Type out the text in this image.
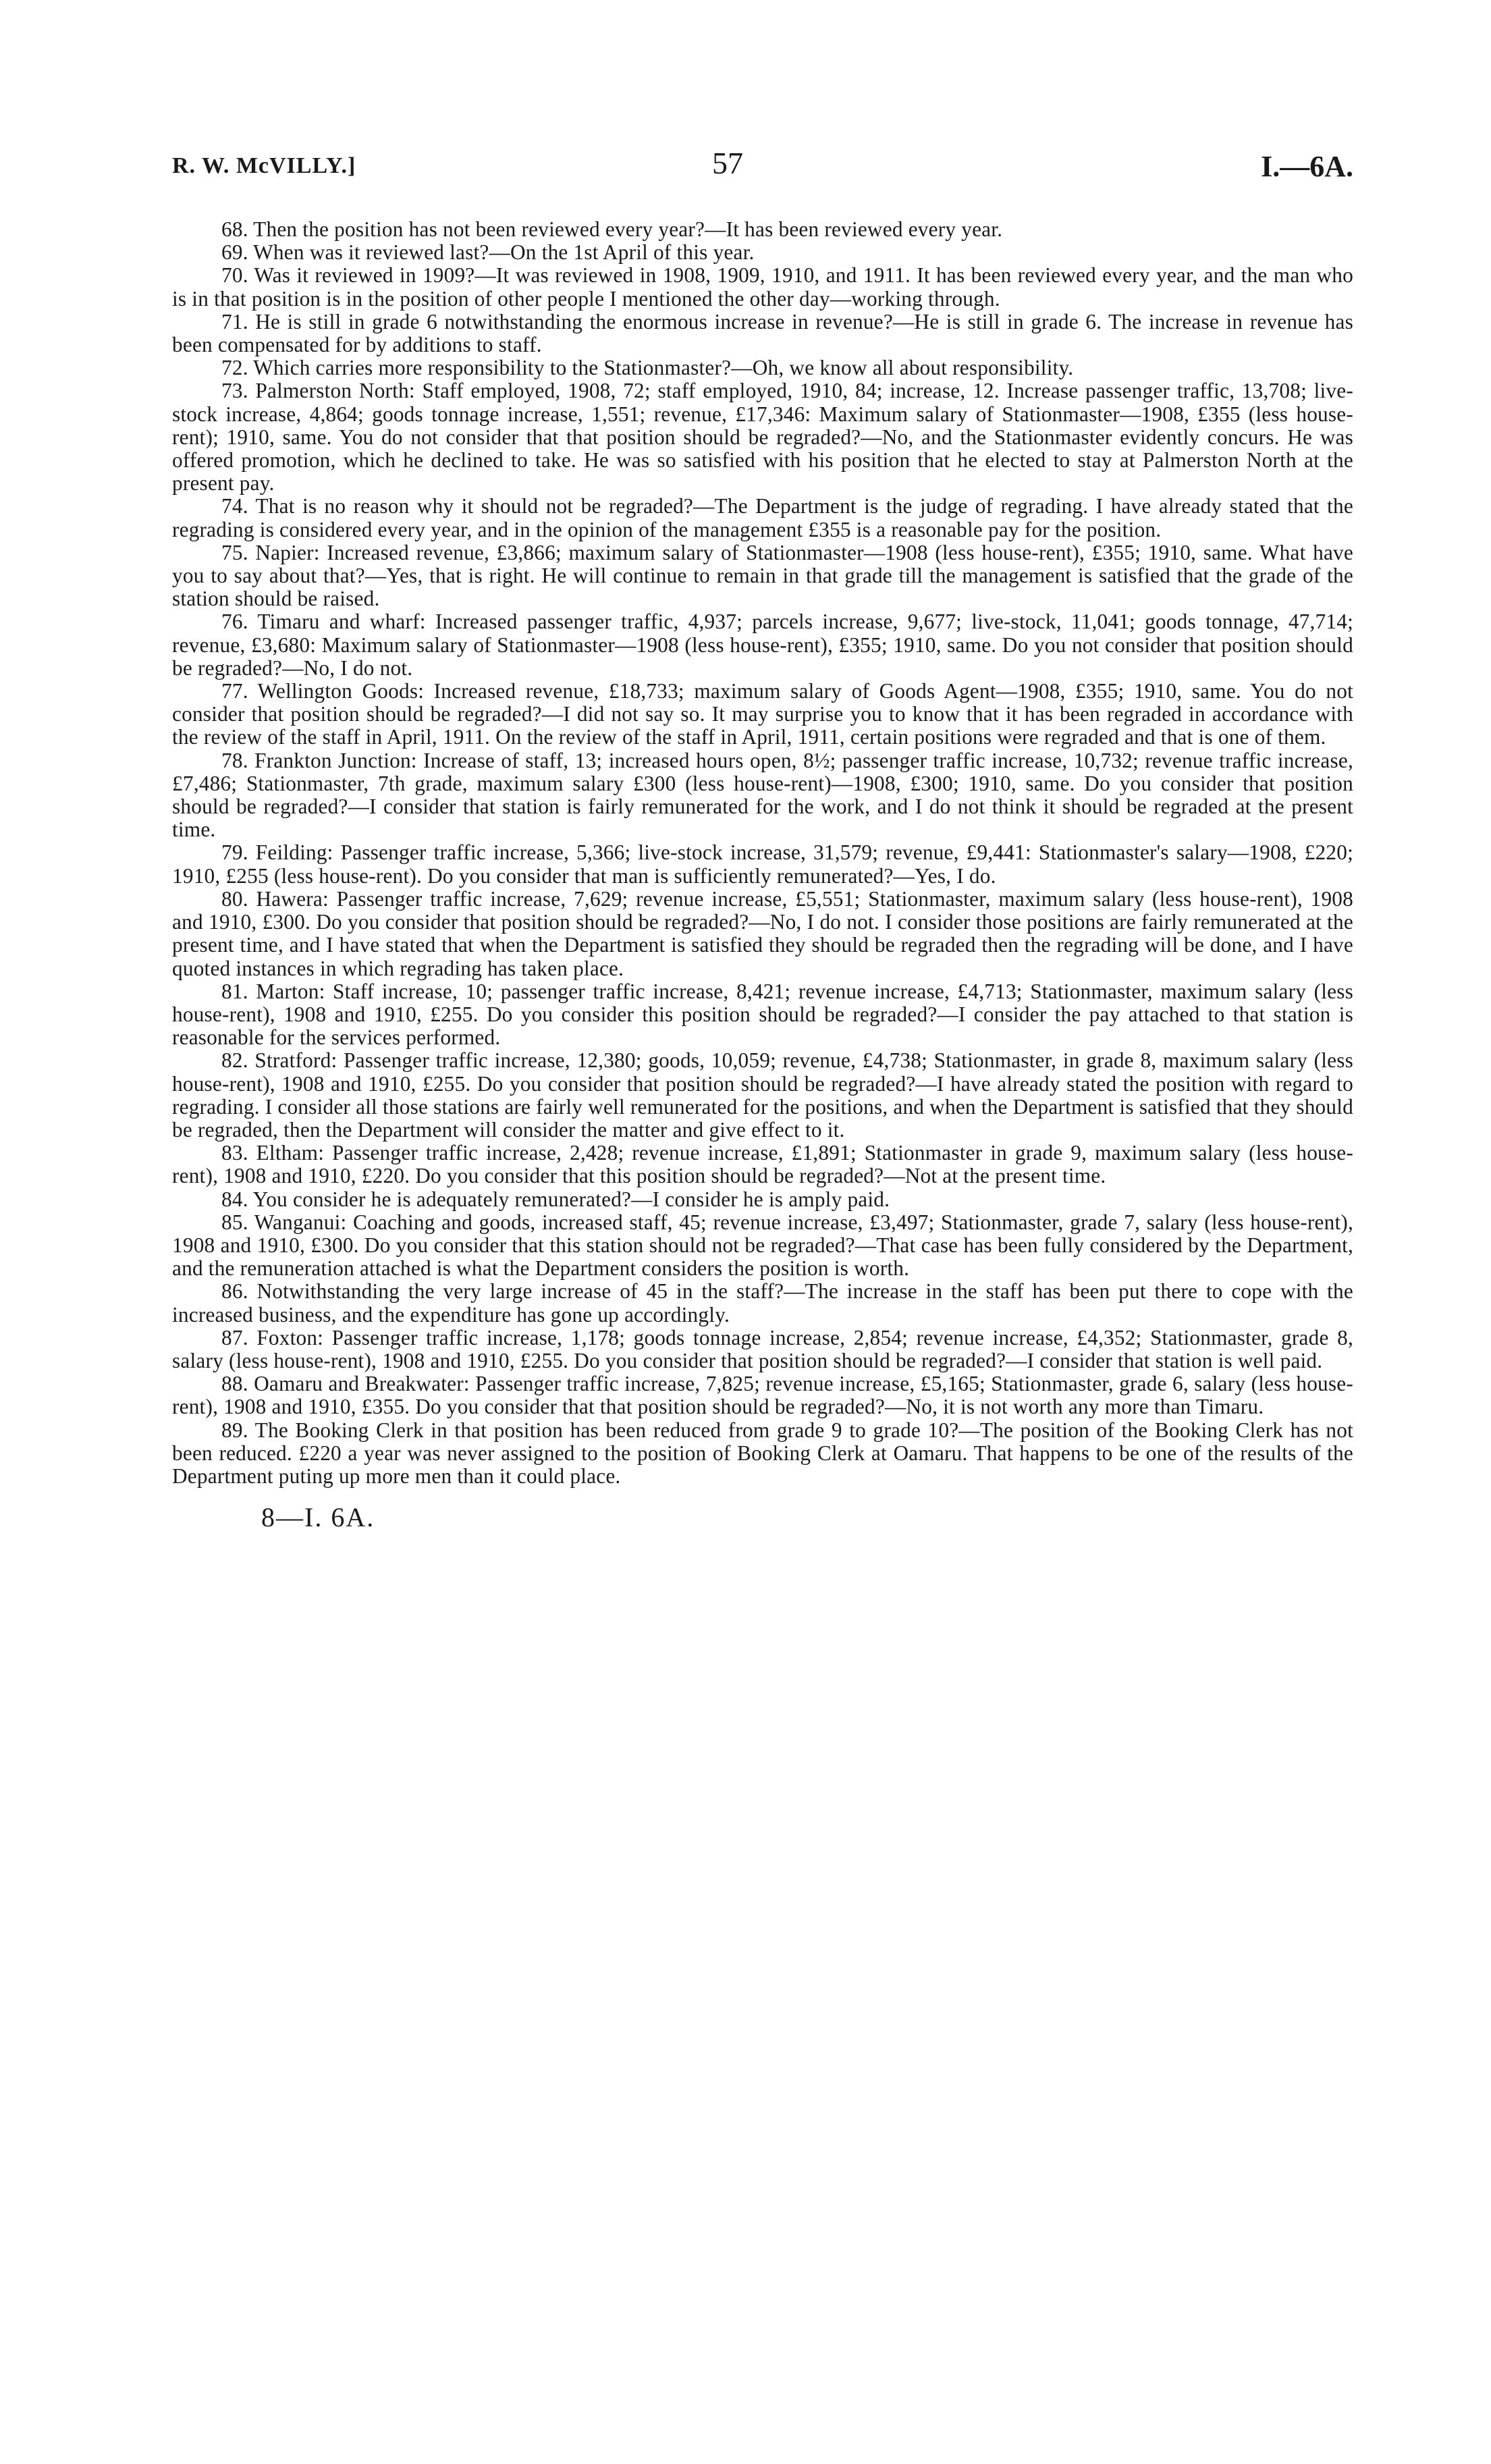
R. W. McVILLY.]	57	I.—6A.

68. Then the position has not been reviewed every year?—It has been reviewed every year.

69. When was it reviewed last?—On the 1st April of this year.

70. Was it reviewed in 1909?—It was reviewed in 1908, 1909, 1910, and 1911. It has been reviewed every year, and the man who is in that position is in the position of other people I mentioned the other day—working through.

71. He is still in grade 6 notwithstanding the enormous increase in revenue?—He is still in grade 6. The increase in revenue has been compensated for by additions to staff.

72. Which carries more responsibility to the Stationmaster?—Oh, we know all about responsibility.

73. Palmerston North: Staff employed, 1908, 72; staff employed, 1910, 84; increase, 12. Increase passenger traffic, 13,708; live-stock increase, 4,864; goods tonnage increase, 1,551; revenue, £17,346: Maximum salary of Stationmaster—1908, £355 (less house-rent); 1910, same. You do not consider that that position should be regraded?—No, and the Stationmaster evidently concurs. He was offered promotion, which he declined to take. He was so satisfied with his position that he elected to stay at Palmerston North at the present pay.

74. That is no reason why it should not be regraded?—The Department is the judge of regrading. I have already stated that the regrading is considered every year, and in the opinion of the management £355 is a reasonable pay for the position.

75. Napier: Increased revenue, £3,866; maximum salary of Stationmaster—1908 (less house-rent), £355; 1910, same. What have you to say about that?—Yes, that is right. He will continue to remain in that grade till the management is satisfied that the grade of the station should be raised.

76. Timaru and wharf: Increased passenger traffic, 4,937; parcels increase, 9,677; live-stock, 11,041; goods tonnage, 47,714; revenue, £3,680: Maximum salary of Stationmaster—1908 (less house-rent), £355; 1910, same. Do you not consider that position should be regraded?—No, I do not.

77. Wellington Goods: Increased revenue, £18,733; maximum salary of Goods Agent—1908, £355; 1910, same. You do not consider that position should be regraded?—I did not say so. It may surprise you to know that it has been regraded in accordance with the review of the staff in April, 1911. On the review of the staff in April, 1911, certain positions were regraded and that is one of them.

78. Frankton Junction: Increase of staff, 13; increased hours open, 8½; passenger traffic increase, 10,732; revenue traffic increase, £7,486; Stationmaster, 7th grade, maximum salary £300 (less house-rent)—1908, £300; 1910, same. Do you consider that position should be regraded?—I consider that station is fairly remunerated for the work, and I do not think it should be regraded at the present time.

79. Feilding: Passenger traffic increase, 5,366; live-stock increase, 31,579; revenue, £9,441: Stationmaster's salary—1908, £220; 1910, £255 (less house-rent). Do you consider that man is sufficiently remunerated?—Yes, I do.

80. Hawera: Passenger traffic increase, 7,629; revenue increase, £5,551; Stationmaster, maximum salary (less house-rent), 1908 and 1910, £300. Do you consider that position should be regraded?—No, I do not. I consider those positions are fairly remunerated at the present time, and I have stated that when the Department is satisfied they should be regraded then the regrading will be done, and I have quoted instances in which regrading has taken place.

81. Marton: Staff increase, 10; passenger traffic increase, 8,421; revenue increase, £4,713; Stationmaster, maximum salary (less house-rent), 1908 and 1910, £255. Do you consider this position should be regraded?—I consider the pay attached to that station is reasonable for the services performed.

82. Stratford: Passenger traffic increase, 12,380; goods, 10,059; revenue, £4,738; Stationmaster, in grade 8, maximum salary (less house-rent), 1908 and 1910, £255. Do you consider that position should be regraded?—I have already stated the position with regard to regrading. I consider all those stations are fairly well remunerated for the positions, and when the Department is satisfied that they should be regraded, then the Department will consider the matter and give effect to it.

83. Eltham: Passenger traffic increase, 2,428; revenue increase, £1,891; Stationmaster in grade 9, maximum salary (less house-rent), 1908 and 1910, £220. Do you consider that this position should be regraded?—Not at the present time.

84. You consider he is adequately remunerated?—I consider he is amply paid.

85. Wanganui: Coaching and goods, increased staff, 45; revenue increase, £3,497; Stationmaster, grade 7, salary (less house-rent), 1908 and 1910, £300. Do you consider that this station should not be regraded?—That case has been fully considered by the Department, and the remuneration attached is what the Department considers the position is worth.

86. Notwithstanding the very large increase of 45 in the staff?—The increase in the staff has been put there to cope with the increased business, and the expenditure has gone up accordingly.

87. Foxton: Passenger traffic increase, 1,178; goods tonnage increase, 2,854; revenue increase, £4,352; Stationmaster, grade 8, salary (less house-rent), 1908 and 1910, £255. Do you consider that position should be regraded?—I consider that station is well paid.

88. Oamaru and Breakwater: Passenger traffic increase, 7,825; revenue increase, £5,165; Stationmaster, grade 6, salary (less house-rent), 1908 and 1910, £355. Do you consider that that position should be regraded?—No, it is not worth any more than Timaru.

89. The Booking Clerk in that position has been reduced from grade 9 to grade 10?—The position of the Booking Clerk has not been reduced. £220 a year was never assigned to the position of Booking Clerk at Oamaru. That happens to be one of the results of the Department puting up more men than it could place.

8—I. 6A.
